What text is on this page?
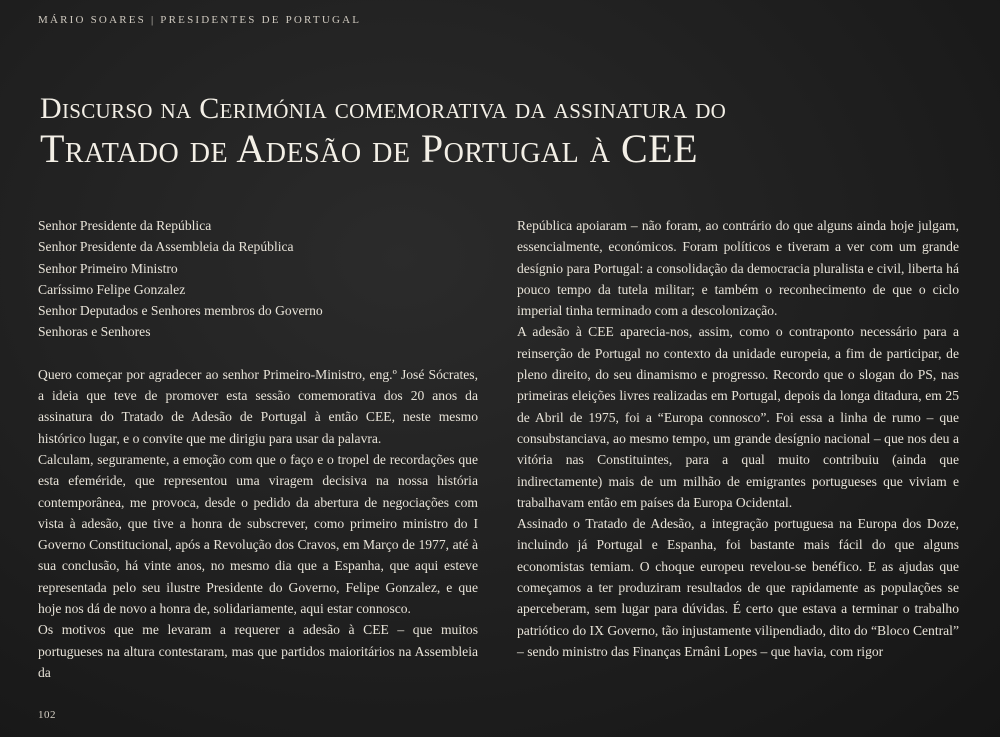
MÁRIO SOARES | PRESIDENTES DE PORTUGAL
Discurso na Cerimónia comemorativa da assinatura do
Tratado de Adesão de Portugal à CEE
Senhor Presidente da República
Senhor Presidente da Assembleia da República
Senhor Primeiro Ministro
Caríssimo Felipe Gonzalez
Senhor Deputados e Senhores membros do Governo
Senhoras e Senhores

Quero começar por agradecer ao senhor Primeiro-Ministro, eng.º José Sócrates, a ideia que teve de promover esta sessão comemorativa dos 20 anos da assinatura do Tratado de Adesão de Portugal à então CEE, neste mesmo histórico lugar, e o convite que me dirigiu para usar da palavra.

Calculam, seguramente, a emoção com que o faço e o tropel de recordações que esta efeméride, que representou uma viragem decisiva na nossa história contemporânea, me provoca, desde o pedido da abertura de negociações com vista à adesão, que tive a honra de subscrever, como primeiro ministro do I Governo Constitucional, após a Revolução dos Cravos, em Março de 1977, até à sua conclusão, há vinte anos, no mesmo dia que a Espanha, que aqui esteve representada pelo seu ilustre Presidente do Governo, Felipe Gonzalez, e que hoje nos dá de novo a honra de, solidariamente, aqui estar connosco.

Os motivos que me levaram a requerer a adesão à CEE – que muitos portugueses na altura contestaram, mas que partidos maioritários na Assembleia da

República apoiaram – não foram, ao contrário do que alguns ainda hoje julgam, essencialmente, económicos. Foram políticos e tiveram a ver com um grande desígnio para Portugal: a consolidação da democracia pluralista e civil, liberta há pouco tempo da tutela militar; e também o reconhecimento de que o ciclo imperial tinha terminado com a descolonização.

A adesão à CEE aparecia-nos, assim, como o contraponto necessário para a reinserção de Portugal no contexto da unidade europeia, a fim de participar, de pleno direito, do seu dinamismo e progresso. Recordo que o slogan do PS, nas primeiras eleições livres realizadas em Portugal, depois da longa ditadura, em 25 de Abril de 1975, foi a “Europa connosco”. Foi essa a linha de rumo – que consubstanciava, ao mesmo tempo, um grande desígnio nacional – que nos deu a vitória nas Constituintes, para a qual muito contribuiu (ainda que indirectamente) mais de um milhão de emigrantes portugueses que viviam e trabalhavam então em países da Europa Ocidental.

Assinado o Tratado de Adesão, a integração portuguesa na Europa dos Doze, incluindo já Portugal e Espanha, foi bastante mais fácil do que alguns economistas temiam. O choque europeu revelou-se benéfico. E as ajudas que começamos a ter produziram resultados de que rapidamente as populações se aperceberam, sem lugar para dúvidas. É certo que estava a terminar o trabalho patriótico do IX Governo, tão injustamente vilipendiado, dito do “Bloco Central” – sendo ministro das Finanças Ernâni Lopes – que havia, com rigor

102
